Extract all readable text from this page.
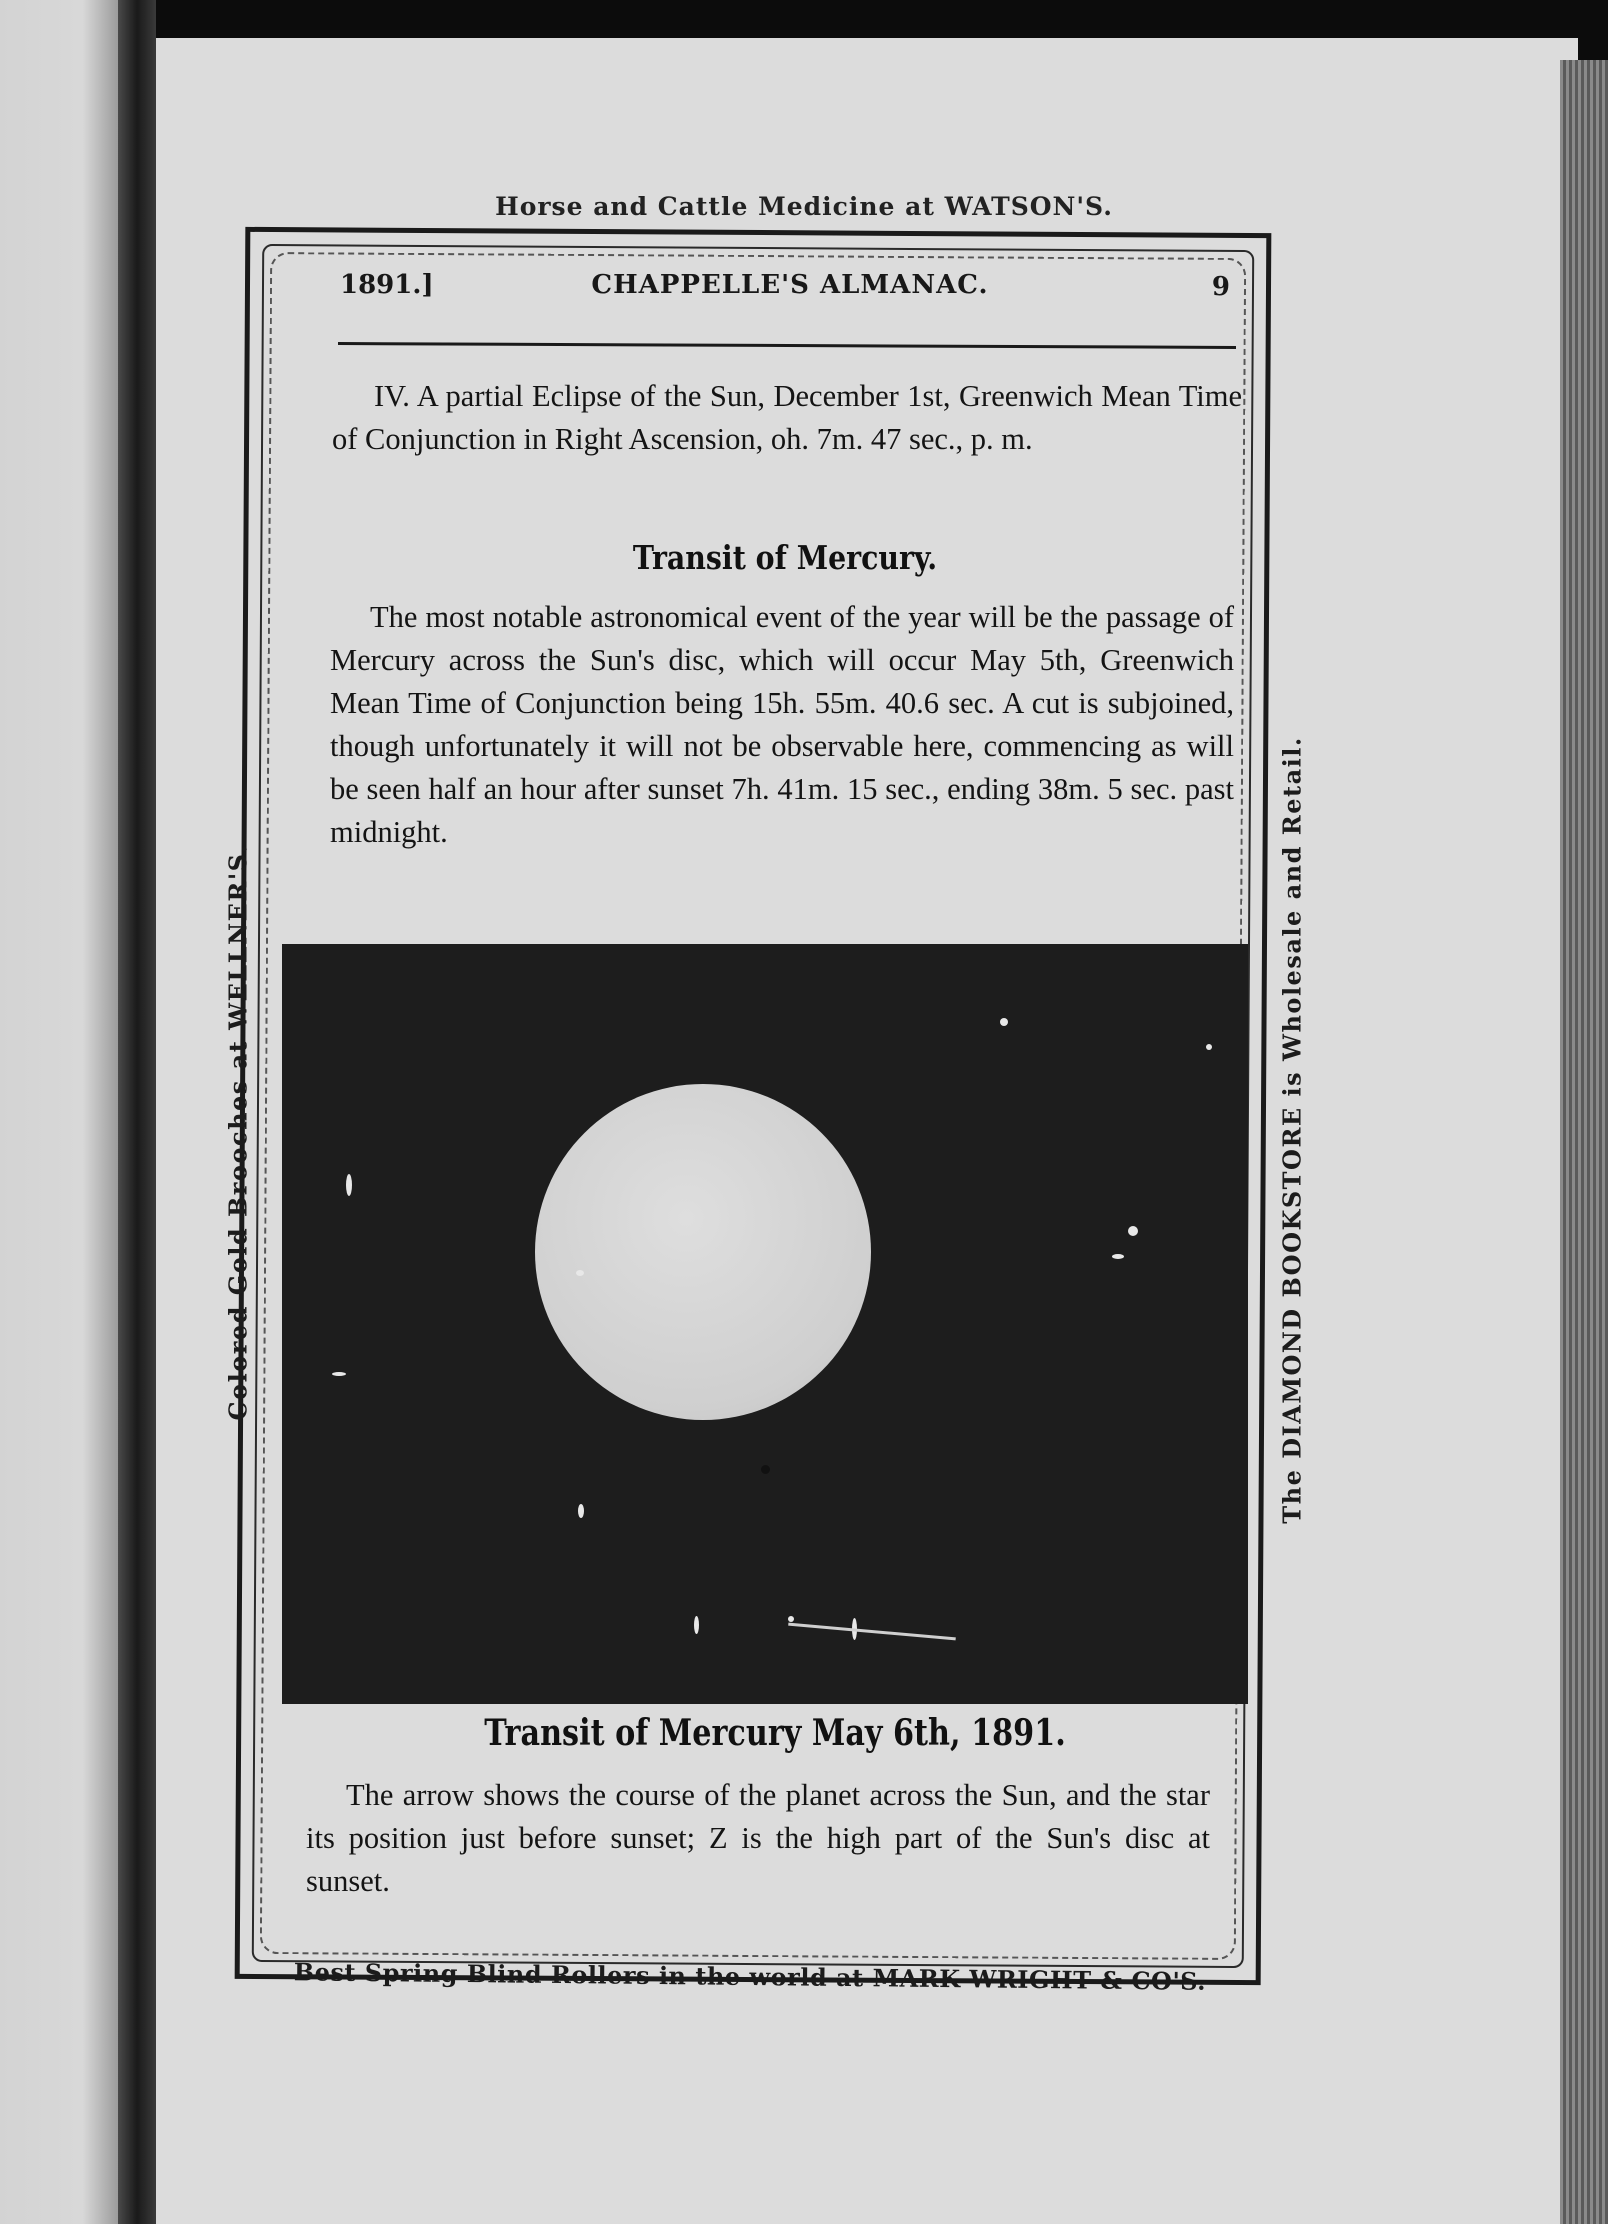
Horse and Cattle Medicine at WATSON'S.
Colored Gold Brooches at WELLNER'S.	The DIAMOND BOOKSTORE is Wholesale and Retail.
1891.]	CHAPPELLE'S ALMANAC.	9
IV. A partial Eclipse of the Sun, December 1st, Greenwich Mean Time of Conjunction in Right Ascension, oh. 7m. 47 sec., p. m.
Transit of Mercury.
The most notable astronomical event of the year will be the passage of Mercury across the Sun's disc, which will occur May 5th, Greenwich Mean Time of Conjunction being 15h. 55m. 40.6 sec. A cut is subjoined, though unfortunately it will not be observable here, commencing as will be seen half an hour after sunset 7h. 41m. 15 sec., ending 38m. 5 sec. past midnight.
Transit of Mercury May 6th, 1891.
The arrow shows the course of the planet across the Sun, and the star its position just before sunset; Z is the high part of the Sun's disc at sunset.
Best Spring Blind Rollers in the world at MARK WRIGHT & CO'S.
